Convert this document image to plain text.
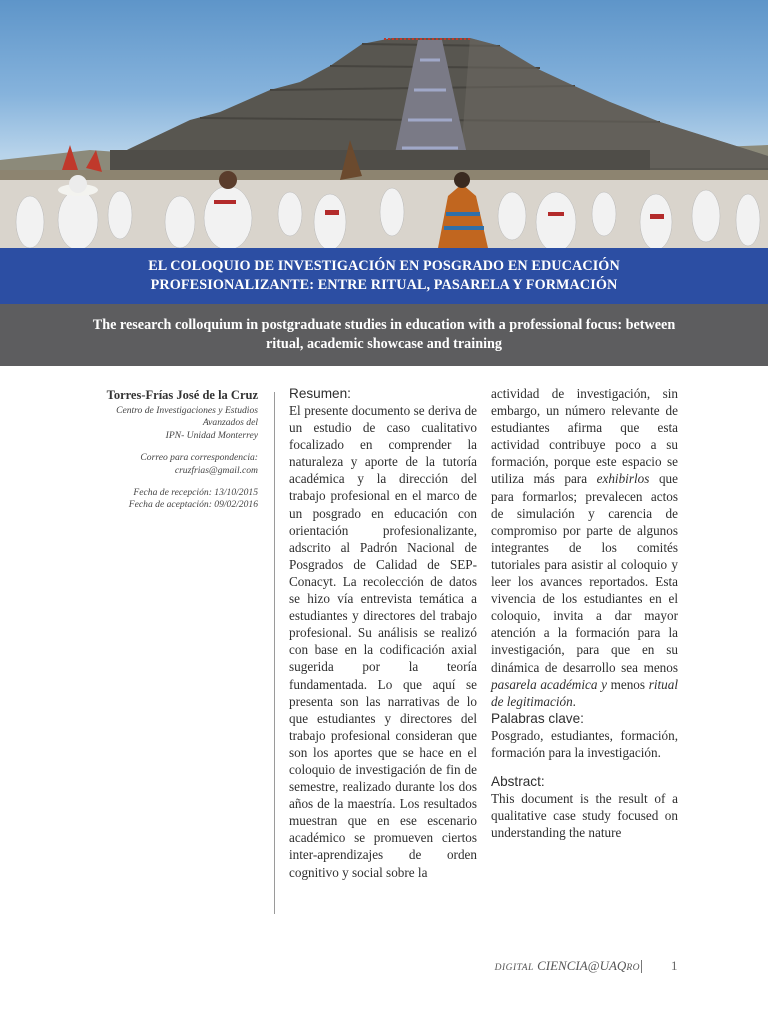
EL COLOQUIO DE INVESTIGACIÓN EN POSGRADO EN EDUCACIÓN PROFESIONALIZANTE: ENTRE RITUAL, PASARELA Y FORMACIÓN
The research colloquium in postgraduate studies in education with a professional focus: between ritual, academic showcase and training
Torres-Frías José de la Cruz
Centro de Investigaciones y Estudios
Avanzados del
IPN- Unidad Monterrey
Correo para correspondencia:
cruzfrias@gmail.com
Fecha de recepción: 13/10/2015
Fecha de aceptación: 09/02/2016
Resumen:

El presente documento se deriva de un estudio de caso cualitativo focalizado en comprender la naturaleza y aporte de la tutoría académica y la dirección del trabajo profesional en el marco de un posgrado en educación con orientación profesionalizante, adscrito al Padrón Nacional de Posgrados de Calidad de SEP-Conacyt. La recolección de datos se hizo vía entrevista temática a estudiantes y directores del trabajo profesional. Su análisis se realizó con base en la codificación axial sugerida por la teoría fundamentada. Lo que aquí se presenta son las narrativas de lo que estudiantes y directores del trabajo profesional consideran que son los aportes que se hace en el coloquio de investigación de fin de semestre, realizado durante los dos años de la maestría. Los resultados muestran que en ese escenario académico se promueven ciertos inter-aprendizajes de orden cognitivo y social sobre la

actividad de investigación, sin embargo, un número relevante de estudiantes afirma que esta actividad contribuye poco a su formación, porque este espacio se utiliza más para exhibirlos que para formarlos; prevalecen actos de simulación y carencia de compromiso por parte de algunos integrantes de los comités tutoriales para asistir al coloquio y leer los avances reportados. Esta vivencia de los estudiantes en el coloquio, invita a dar mayor atención a la formación para la investigación, para que en su dinámica de desarrollo sea menos pasarela académica y menos ritual de legitimación.

Palabras clave:

Posgrado, estudiantes, formación, formación para la investigación.

Abstract:

This document is the result of a qualitative case study focused on understanding the nature

DIGITAL CIENCIA@UAQRO 1
